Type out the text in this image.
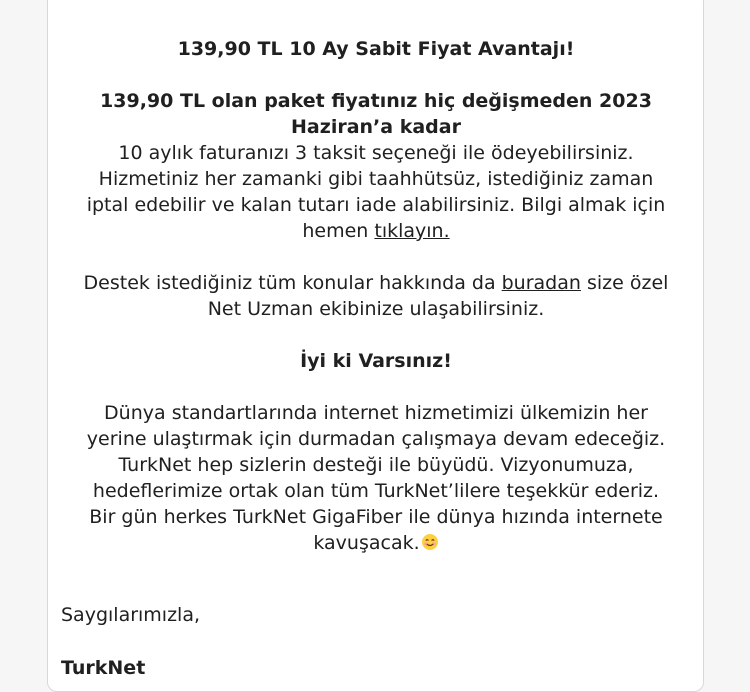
139,90 TL 10 Ay Sabit Fiyat Avantajı!
139,90 TL olan paket fiyatınız hiç değişmeden 2023
Haziran’a kadar
10 aylık faturanızı 3 taksit seçeneği ile ödeyebilirsiniz.
Hizmetiniz her zamanki gibi taahhütsüz, istediğiniz zaman
iptal edebilir ve kalan tutarı iade alabilirsiniz. Bilgi almak için
hemen tıklayın.
Destek istediğiniz tüm konular hakkında da buradan size özel
Net Uzman ekibinize ulaşabilirsiniz.
İyi ki Varsınız!
Dünya standartlarında internet hizmetimizi ülkemizin her
yerine ulaştırmak için durmadan çalışmaya devam edeceğiz.
TurkNet hep sizlerin desteği ile büyüdü. Vizyonumuza,
hedeflerimize ortak olan tüm TurkNet’lilere teşekkür ederiz.
Bir gün herkes TurkNet GigaFiber ile dünya hızında internete
kavuşacak.
Saygılarımızla,
TurkNet
